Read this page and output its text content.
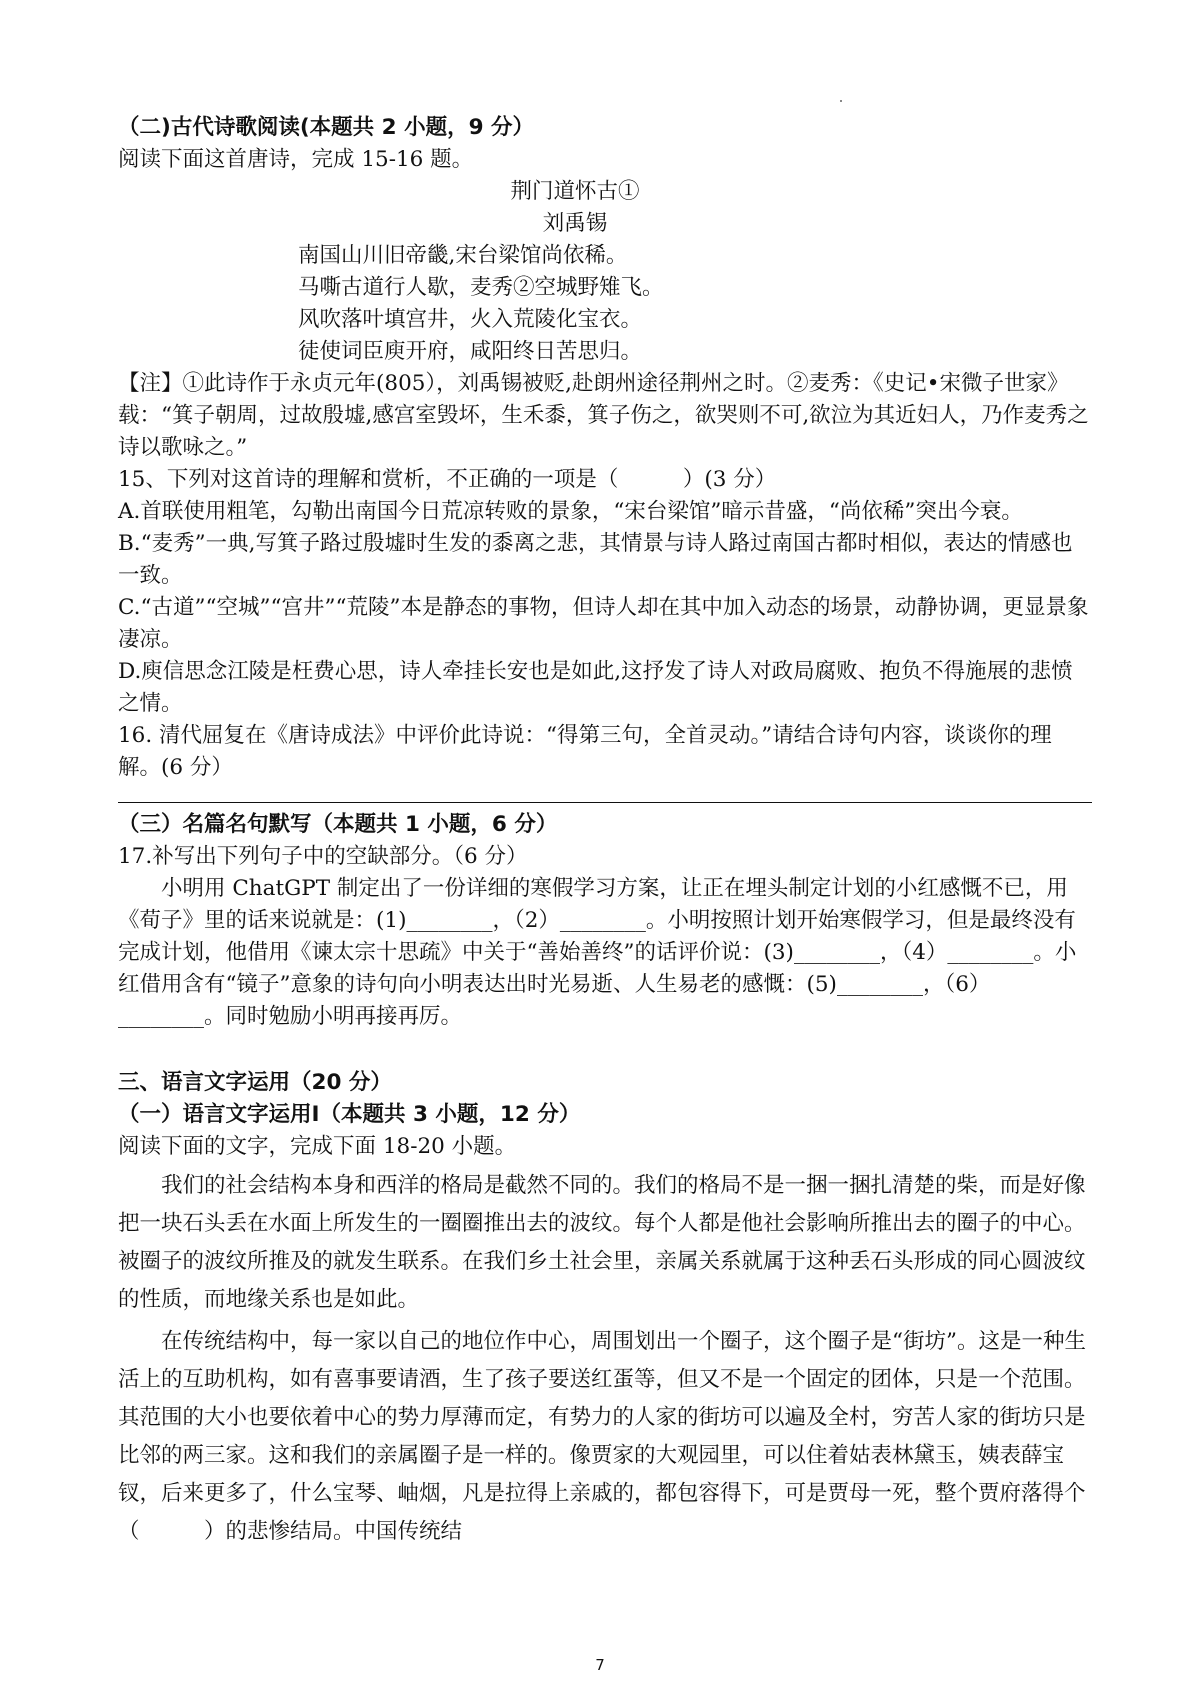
（二)古代诗歌阅读(本题共 2 小题，9 分）

阅读下面这首唐诗，完成 15-16 题。

荆门道怀古①

刘禹锡

南国山川旧帝畿,宋台梁馆尚依稀。

马嘶古道行人歇，麦秀②空城野雉飞。

风吹落叶填宫井，火入荒陵化宝衣。

徒使词臣庾开府，咸阳终日苦思归。

【注】①此诗作于永贞元年(805），刘禹锡被贬,赴朗州途径荆州之时。②麦秀：《史记•宋微子世家》载：“箕子朝周，过故殷墟,感宫室毁坏，生禾黍，箕子伤之，欲哭则不可,欲泣为其近妇人，乃作麦秀之诗以歌咏之。”

15、下列对这首诗的理解和赏析，不正确的一项是（　　　）(3 分）

A.首联使用粗笔，勾勒出南国今日荒凉转败的景象，“宋台梁馆”暗示昔盛，“尚依稀”突出今衰。

B.“麦秀”一典,写箕子路过殷墟时生发的黍离之悲，其情景与诗人路过南国古都时相似，表达的情感也一致。

C.“古道”“空城”“宫井”“荒陵”本是静态的事物，但诗人却在其中加入动态的场景，动静协调，更显景象凄凉。

D.庾信思念江陵是枉费心思，诗人牵挂长安也是如此,这抒发了诗人对政局腐败、抱负不得施展的悲愤之情。

16. 清代屈复在《唐诗成法》中评价此诗说：“得第三句，全首灵动。”请结合诗句内容，谈谈你的理解。(6 分）

（三）名篇名句默写（本题共 1 小题，6 分）

17.补写出下列句子中的空缺部分。（6 分）

小明用 ChatGPT 制定出了一份详细的寒假学习方案，让正在埋头制定计划的小红感慨不已，用《荀子》里的话来说就是：(1)________，（2）________。小明按照计划开始寒假学习，但是最终没有完成计划，他借用《谏太宗十思疏》中关于“善始善终”的话评价说：(3)________，（4）________。小红借用含有“镜子”意象的诗句向小明表达出时光易逝、人生易老的感慨：(5)________，（6）________。同时勉励小明再接再厉。

三、语言文字运用（20 分）

（一）语言文字运用Ⅰ（本题共 3 小题，12 分）

阅读下面的文字，完成下面 18-20 小题。

我们的社会结构本身和西洋的格局是截然不同的。我们的格局不是一捆一捆扎清楚的柴，而是好像把一块石头丢在水面上所发生的一圈圈推出去的波纹。每个人都是他社会影响所推出去的圈子的中心。被圈子的波纹所推及的就发生联系。在我们乡土社会里，亲属关系就属于这种丢石头形成的同心圆波纹的性质，而地缘关系也是如此。

在传统结构中，每一家以自己的地位作中心，周围划出一个圈子，这个圈子是“街坊”。这是一种生活上的互助机构，如有喜事要请酒，生了孩子要送红蛋等，但又不是一个固定的团体，只是一个范围。其范围的大小也要依着中心的势力厚薄而定，有势力的人家的街坊可以遍及全村，穷苦人家的街坊只是比邻的两三家。这和我们的亲属圈子是一样的。像贾家的大观园里，可以住着姑表林黛玉，姨表薛宝钗，后来更多了，什么宝琴、岫烟，凡是拉得上亲戚的，都包容得下，可是贾母一死，整个贾府落得个（　　　）的悲惨结局。中国传统结

7
